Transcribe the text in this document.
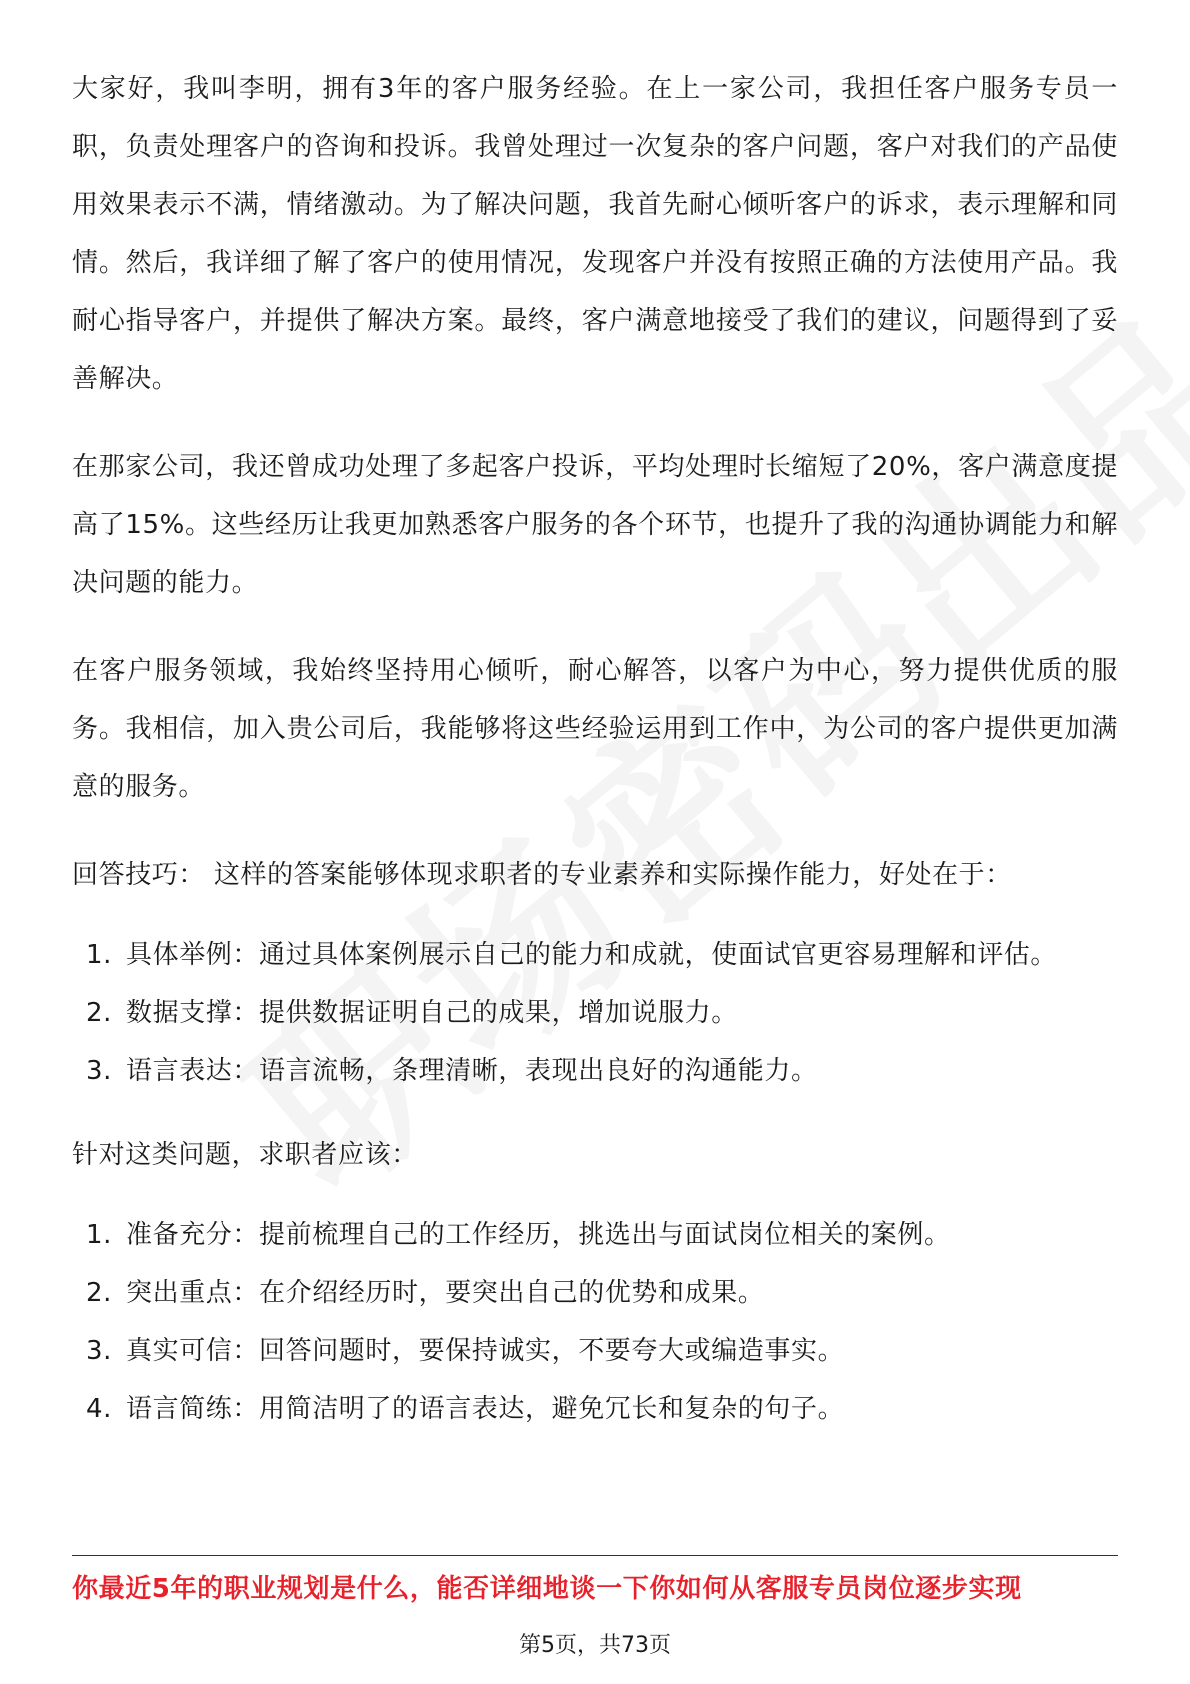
大家好，我叫李明，拥有3年的客户服务经验。在上一家公司，我担任客户服务专员一职，负责处理客户的咨询和投诉。我曾处理过一次复杂的客户问题，客户对我们的产品使用效果表示不满，情绪激动。为了解决问题，我首先耐心倾听客户的诉求，表示理解和同情。然后，我详细了解了客户的使用情况，发现客户并没有按照正确的方法使用产品。我耐心指导客户，并提供了解决方案。最终，客户满意地接受了我们的建议，问题得到了妥善解决。

在那家公司，我还曾成功处理了多起客户投诉，平均处理时长缩短了20%，客户满意度提高了15%。这些经历让我更加熟悉客户服务的各个环节，也提升了我的沟通协调能力和解决问题的能力。

在客户服务领域，我始终坚持用心倾听，耐心解答，以客户为中心，努力提供优质的服务。我相信，加入贵公司后，我能够将这些经验运用到工作中，为公司的客户提供更加满意的服务。

回答技巧： 这样的答案能够体现求职者的专业素养和实际操作能力，好处在于：

1. 具体举例：通过具体案例展示自己的能力和成就，使面试官更容易理解和评估。
2. 数据支撑：提供数据证明自己的成果，增加说服力。
3. 语言表达：语言流畅，条理清晰，表现出良好的沟通能力。

针对这类问题，求职者应该：

1. 准备充分：提前梳理自己的工作经历，挑选出与面试岗位相关的案例。
2. 突出重点：在介绍经历时，要突出自己的优势和成果。
3. 真实可信：回答问题时，要保持诚实，不要夸大或编造事实。
4. 语言简练：用简洁明了的语言表达，避免冗长和复杂的句子。
你最近5年的职业规划是什么，能否详细地谈一下你如何从客服专员岗位逐步实现
第5页，共73页
